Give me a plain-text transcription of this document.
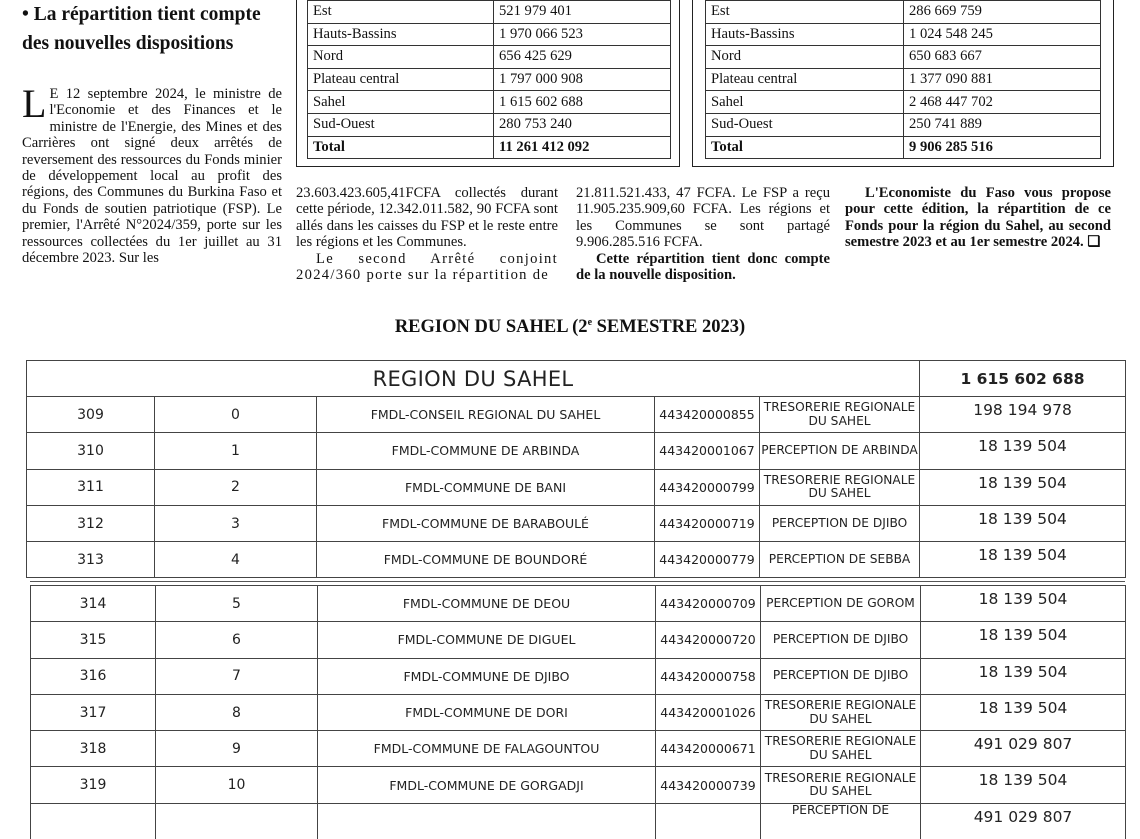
• La répartition tient compte des nouvelles dispositions

L E 12 septembre 2024, le ministre de l'Economie et des Finances et le ministre de l'Energie, des Mines et des Carrières ont signé deux arrêtés de reversement des ressources du Fonds minier de développement local au profit des régions, des Communes du Burkina Faso et du Fonds de soutien patriotique (FSP). Le premier, l'Arrêté N°2024/359, porte sur les ressources collectées du 1er juillet au 31 décembre 2023. Sur les

23.603.423.605,41FCFA collectés durant cette période, 12.342.011.582, 90 FCFA sont allés dans les caisses du FSP et le reste entre les régions et les Communes.

Le second Arrêté conjoint 2024/360 porte sur la répartition de

21.811.521.433, 47 FCFA. Le FSP a reçu 11.905.235.909,60 FCFA. Les régions et les Communes se sont partagé 9.906.285.516 FCFA.

Cette répartition tient donc compte de la nouvelle disposition.

L'Economiste du Faso vous propose pour cette édition, la répartition de ce Fonds pour la région du Sahel, au second semestre 2023 et au 1er semestre 2024. ❏

Est	521 979 401
Hauts-Bassins	1 970 066 523
Nord	656 425 629
Plateau central	1 797 000 908
Sahel	1 615 602 688
Sud-Ouest	280 753 240
Total	11 261 412 092
Est	286 669 759
Hauts-Bassins	1 024 548 245
Nord	650 683 667
Plateau central	1 377 090 881
Sahel	2 468 447 702
Sud-Ouest	250 741 889
Total	9 906 285 516
REGION DU SAHEL (2e SEMESTRE 2023)
REGION DU SAHEL					1 615 602 688
309	0	FMDL-CONSEIL REGIONAL DU SAHEL	443420000855	TRESORERIE REGIONALE DU SAHEL	198 194 978
310	1	FMDL-COMMUNE DE ARBINDA	443420001067	PERCEPTION DE ARBINDA	18 139 504
311	2	FMDL-COMMUNE DE BANI	443420000799	TRESORERIE REGIONALE DU SAHEL	18 139 504
312	3	FMDL-COMMUNE DE BARABOULÉ	443420000719	PERCEPTION DE DJIBO	18 139 504
313	4	FMDL-COMMUNE DE BOUNDORÉ	443420000779	PERCEPTION DE SEBBA	18 139 504
314	5	FMDL-COMMUNE DE DEOU	443420000709	PERCEPTION DE GOROM	18 139 504
315	6	FMDL-COMMUNE DE DIGUEL	443420000720	PERCEPTION DE DJIBO	18 139 504
316	7	FMDL-COMMUNE DE DJIBO	443420000758	PERCEPTION DE DJIBO	18 139 504
317	8	FMDL-COMMUNE DE DORI	443420001026	TRESORERIE REGIONALE DU SAHEL	18 139 504
318	9	FMDL-COMMUNE DE FALAGOUNTOU	443420000671	TRESORERIE REGIONALE DU SAHEL	491 029 807
319	10	FMDL-COMMUNE DE GORGADJI	443420000739	TRESORERIE REGIONALE DU SAHEL	18 139 504
				PERCEPTION DE	491 029 807
